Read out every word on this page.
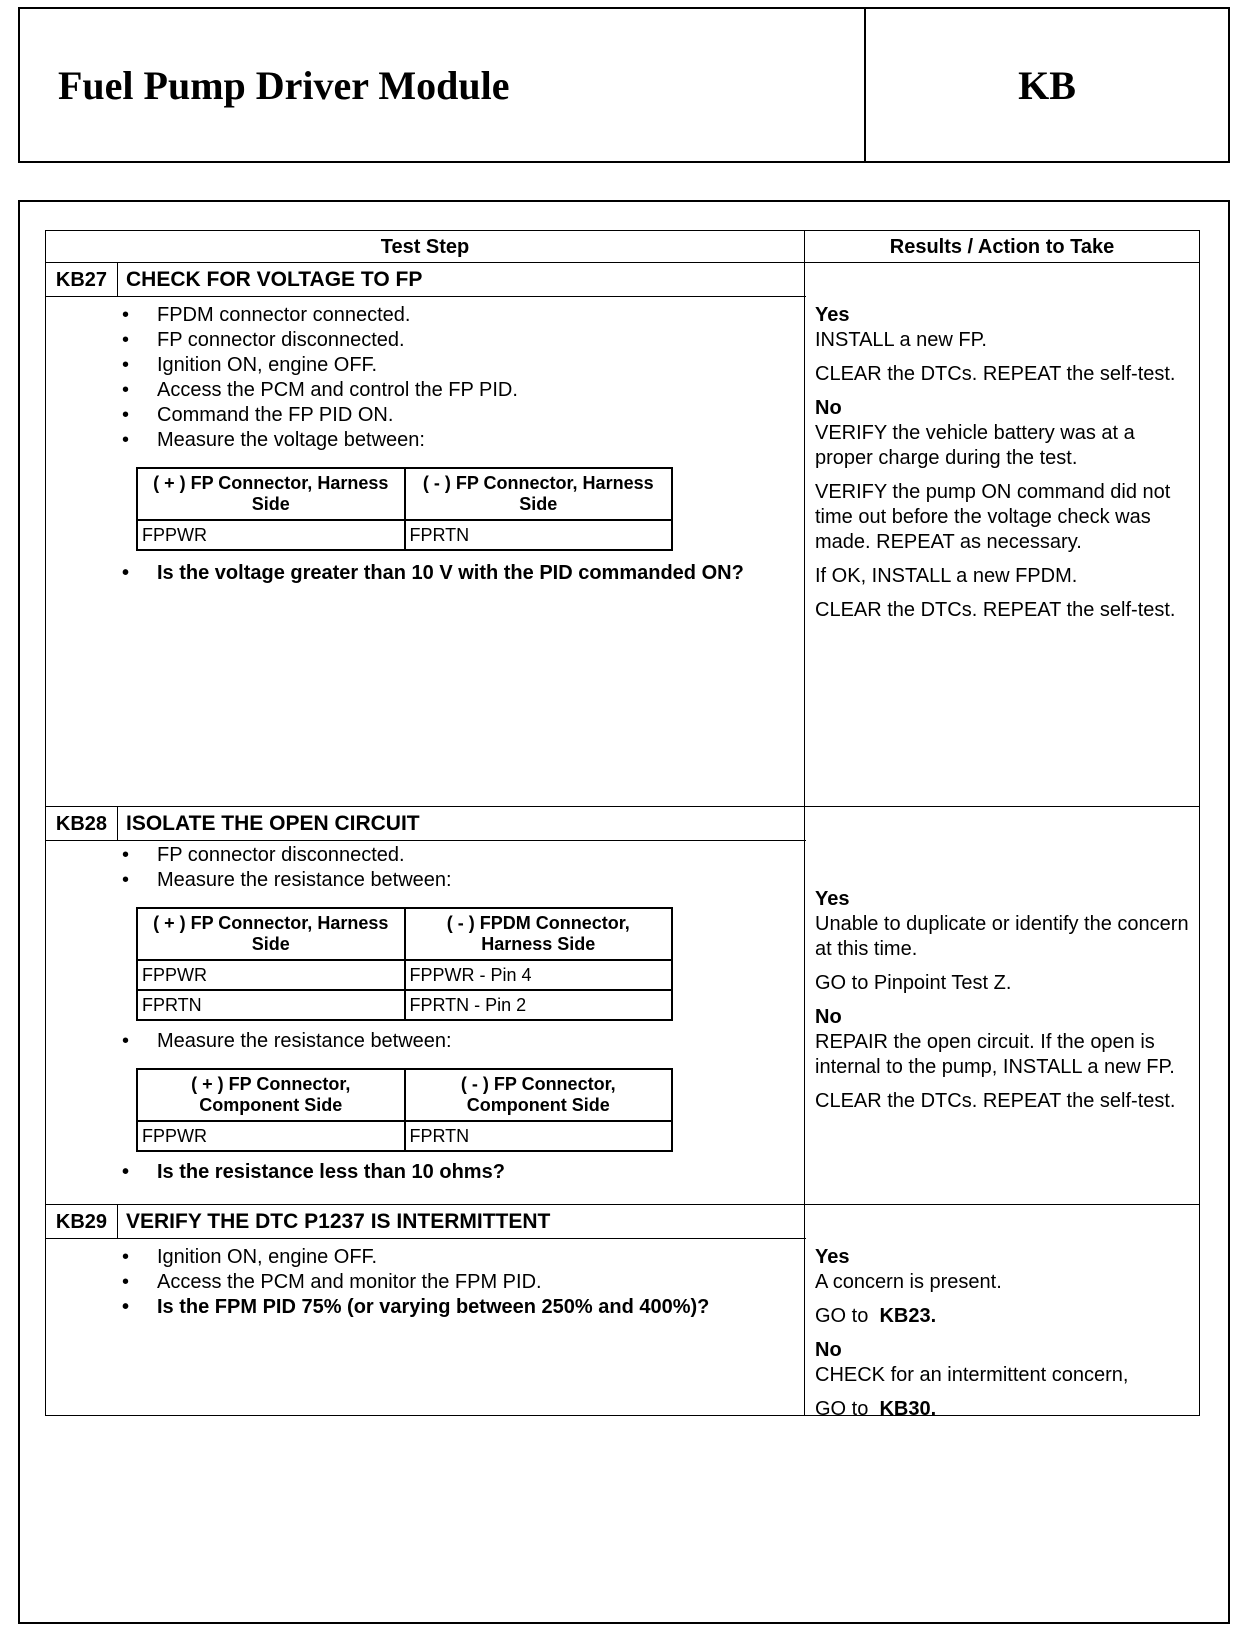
Fuel Pump Driver Module	KB
Test Step	Results / Action to Take
KB27 CHECK FOR VOLTAGE TO FP
• FPDM connector connected.
• FP connector disconnected.
• Ignition ON, engine OFF.
• Access the PCM and control the FP PID.
• Command the FP PID ON.
• Measure the voltage between:
( + ) FP Connector, Harness Side	( - ) FP Connector, Harness Side
FPPWR	FPRTN
• Is the voltage greater than 10 V with the PID commanded ON?
Yes
INSTALL a new FP.
CLEAR the DTCs. REPEAT the self-test.
No
VERIFY the vehicle battery was at a proper charge during the test.
VERIFY the pump ON command did not time out before the voltage check was made. REPEAT as necessary.
If OK, INSTALL a new FPDM.
CLEAR the DTCs. REPEAT the self-test.
KB28 ISOLATE THE OPEN CIRCUIT
• FP connector disconnected.
• Measure the resistance between:
( + ) FP Connector, Harness Side	( - ) FPDM Connector, Harness Side
FPPWR	FPPWR - Pin 4
FPRTN	FPRTN - Pin 2
• Measure the resistance between:
( + ) FP Connector, Component Side	( - ) FP Connector, Component Side
FPPWR	FPRTN
• Is the resistance less than 10 ohms?
Yes
Unable to duplicate or identify the concern at this time.
GO to Pinpoint Test Z.
No
REPAIR the open circuit. If the open is internal to the pump, INSTALL a new FP.
CLEAR the DTCs. REPEAT the self-test.
KB29 VERIFY THE DTC P1237 IS INTERMITTENT
• Ignition ON, engine OFF.
• Access the PCM and monitor the FPM PID.
• Is the FPM PID 75% (or varying between 250% and 400%)?
Yes
A concern is present.
GO to KB23.
No
CHECK for an intermittent concern,
GO to KB30.
